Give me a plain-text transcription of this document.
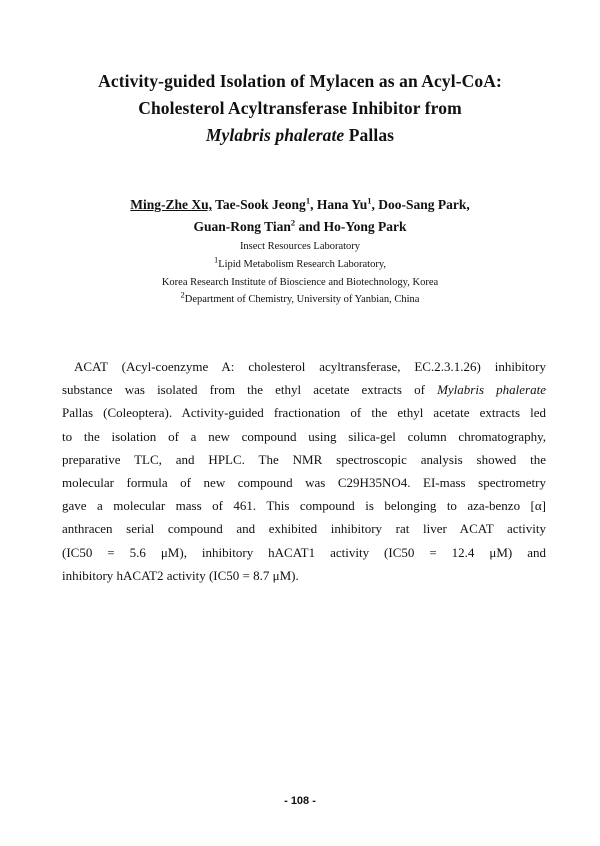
Activity-guided Isolation of Mylacen as an Acyl-CoA:
Cholesterol Acyltransferase Inhibitor from
Mylabris phalerate Pallas
Ming-Zhe Xu, Tae-Sook Jeong$^1$, Hana Yu$^1$, Doo-Sang Park,
Guan-Rong Tian$^2$ and Ho-Yong Park
Insect Resources Laboratory
$^1$Lipid Metabolism Research Laboratory,
Korea Research Institute of Bioscience and Biotechnology, Korea
$^2$Department of Chemistry, University of Yanbian, China
ACAT (Acyl-coenzyme A: cholesterol acyltransferase, EC.2.3.1.26) inhibitory
substance was isolated from the ethyl acetate extracts of Mylabris phalerate
Pallas (Coleoptera). Activity-guided fractionation of the ethyl acetate extracts led
to the isolation of a new compound using silica-gel column chromatography,
preparative TLC, and HPLC. The NMR spectroscopic analysis showed the
molecular formula of new compound was C29H35NO4. EI-mass spectrometry
gave a molecular mass of 461. This compound is belonging to aza-benzo [α]
anthracen serial compound and exhibited inhibitory rat liver ACAT activity
(IC50 = 5.6 μM), inhibitory hACAT1 activity (IC50 = 12.4 μM) and
inhibitory hACAT2 activity (IC50 = 8.7 μM).
- 108 -
